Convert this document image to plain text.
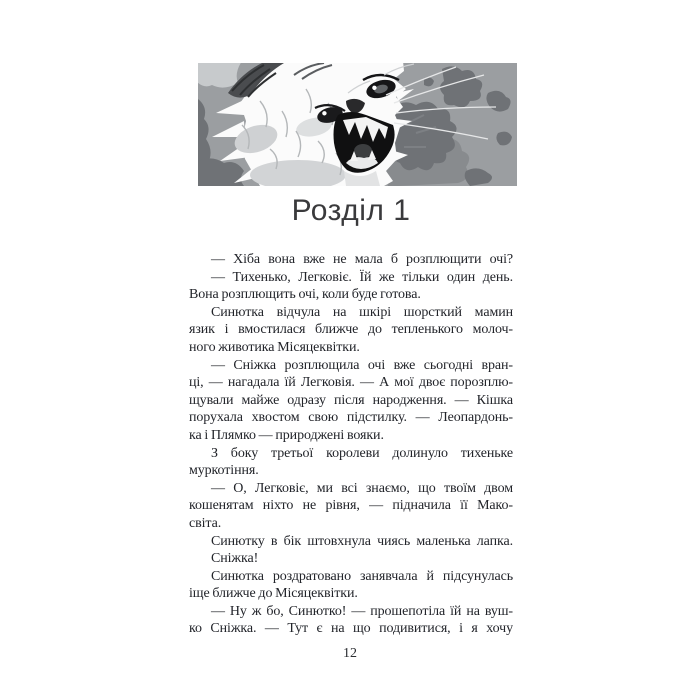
Розділ 1
— Хіба вона вже не мала б розплющити очі?
— Тихенько, Легковіє. Їй же тільки один день.
Вона розплющить очі, коли буде готова.
Синютка відчула на шкірі шорсткий мамин
язик і вмостилася ближче до тепленького молоч-
ного животика Місяцеквітки.
— Сніжка розплющила очі вже сьогодні вран-
ці, — нагадала їй Легковія. — А мої двоє порозплю-
щували майже одразу після народження. — Кішка
порухала хвостом свою підстилку. — Леопардонь-
ка і Плямко — природжені вояки.
З боку третьої королеви долинуло тихеньке
муркотіння.
— О, Легковіє, ми всі знаємо, що твоїм двом
кошенятам ніхто не рівня, — підначила її Мако-
світа.
Синютку в бік штовхнула чиясь маленька лапка.
Сніжка!
Синютка роздратовано занявчала й підсунулась
іще ближче до Місяцеквітки.
— Ну ж бо, Синютко! — прошепотіла їй на вуш-
ко Сніжка. — Тут є на що подивитися, і я хочу
12
